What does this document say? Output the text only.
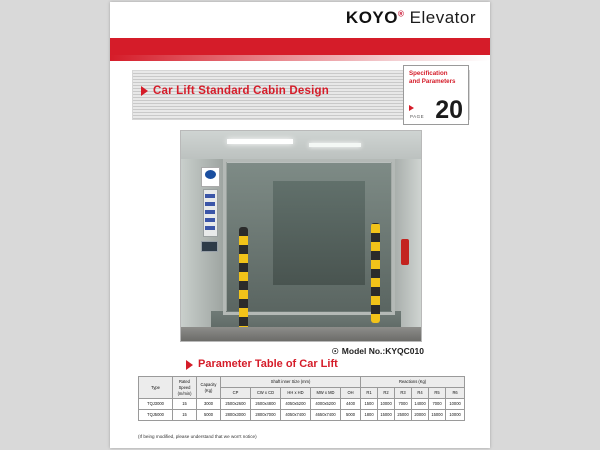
KOYO® Elevator
Car Lift Standard Cabin Design
Specification
and Parameters
PAGE 20
☉ Model No.:KYQC010
Parameter Table of Car Lift
Type	Rated Speed (m/min)	Capacity (Kg)	Shaft inner Size (mm)					Reactions (Kg)					
			CP	CW x CD	HH x HD	MW x MD	OH	R1	R2	R3	R4	R5	R6
TQJ3000	15	3000	2500x2600	2600x4800	4050x5200	4000x5200	4400	1500	10000	7000	14000	7000	10000
TQJ5000	15	5000	2800x3000	2800x7000	4050x7400	4650x7400	5000	1800	15000	25000	20000	15000	10000
(If being modified, please understand that we won't notice)
